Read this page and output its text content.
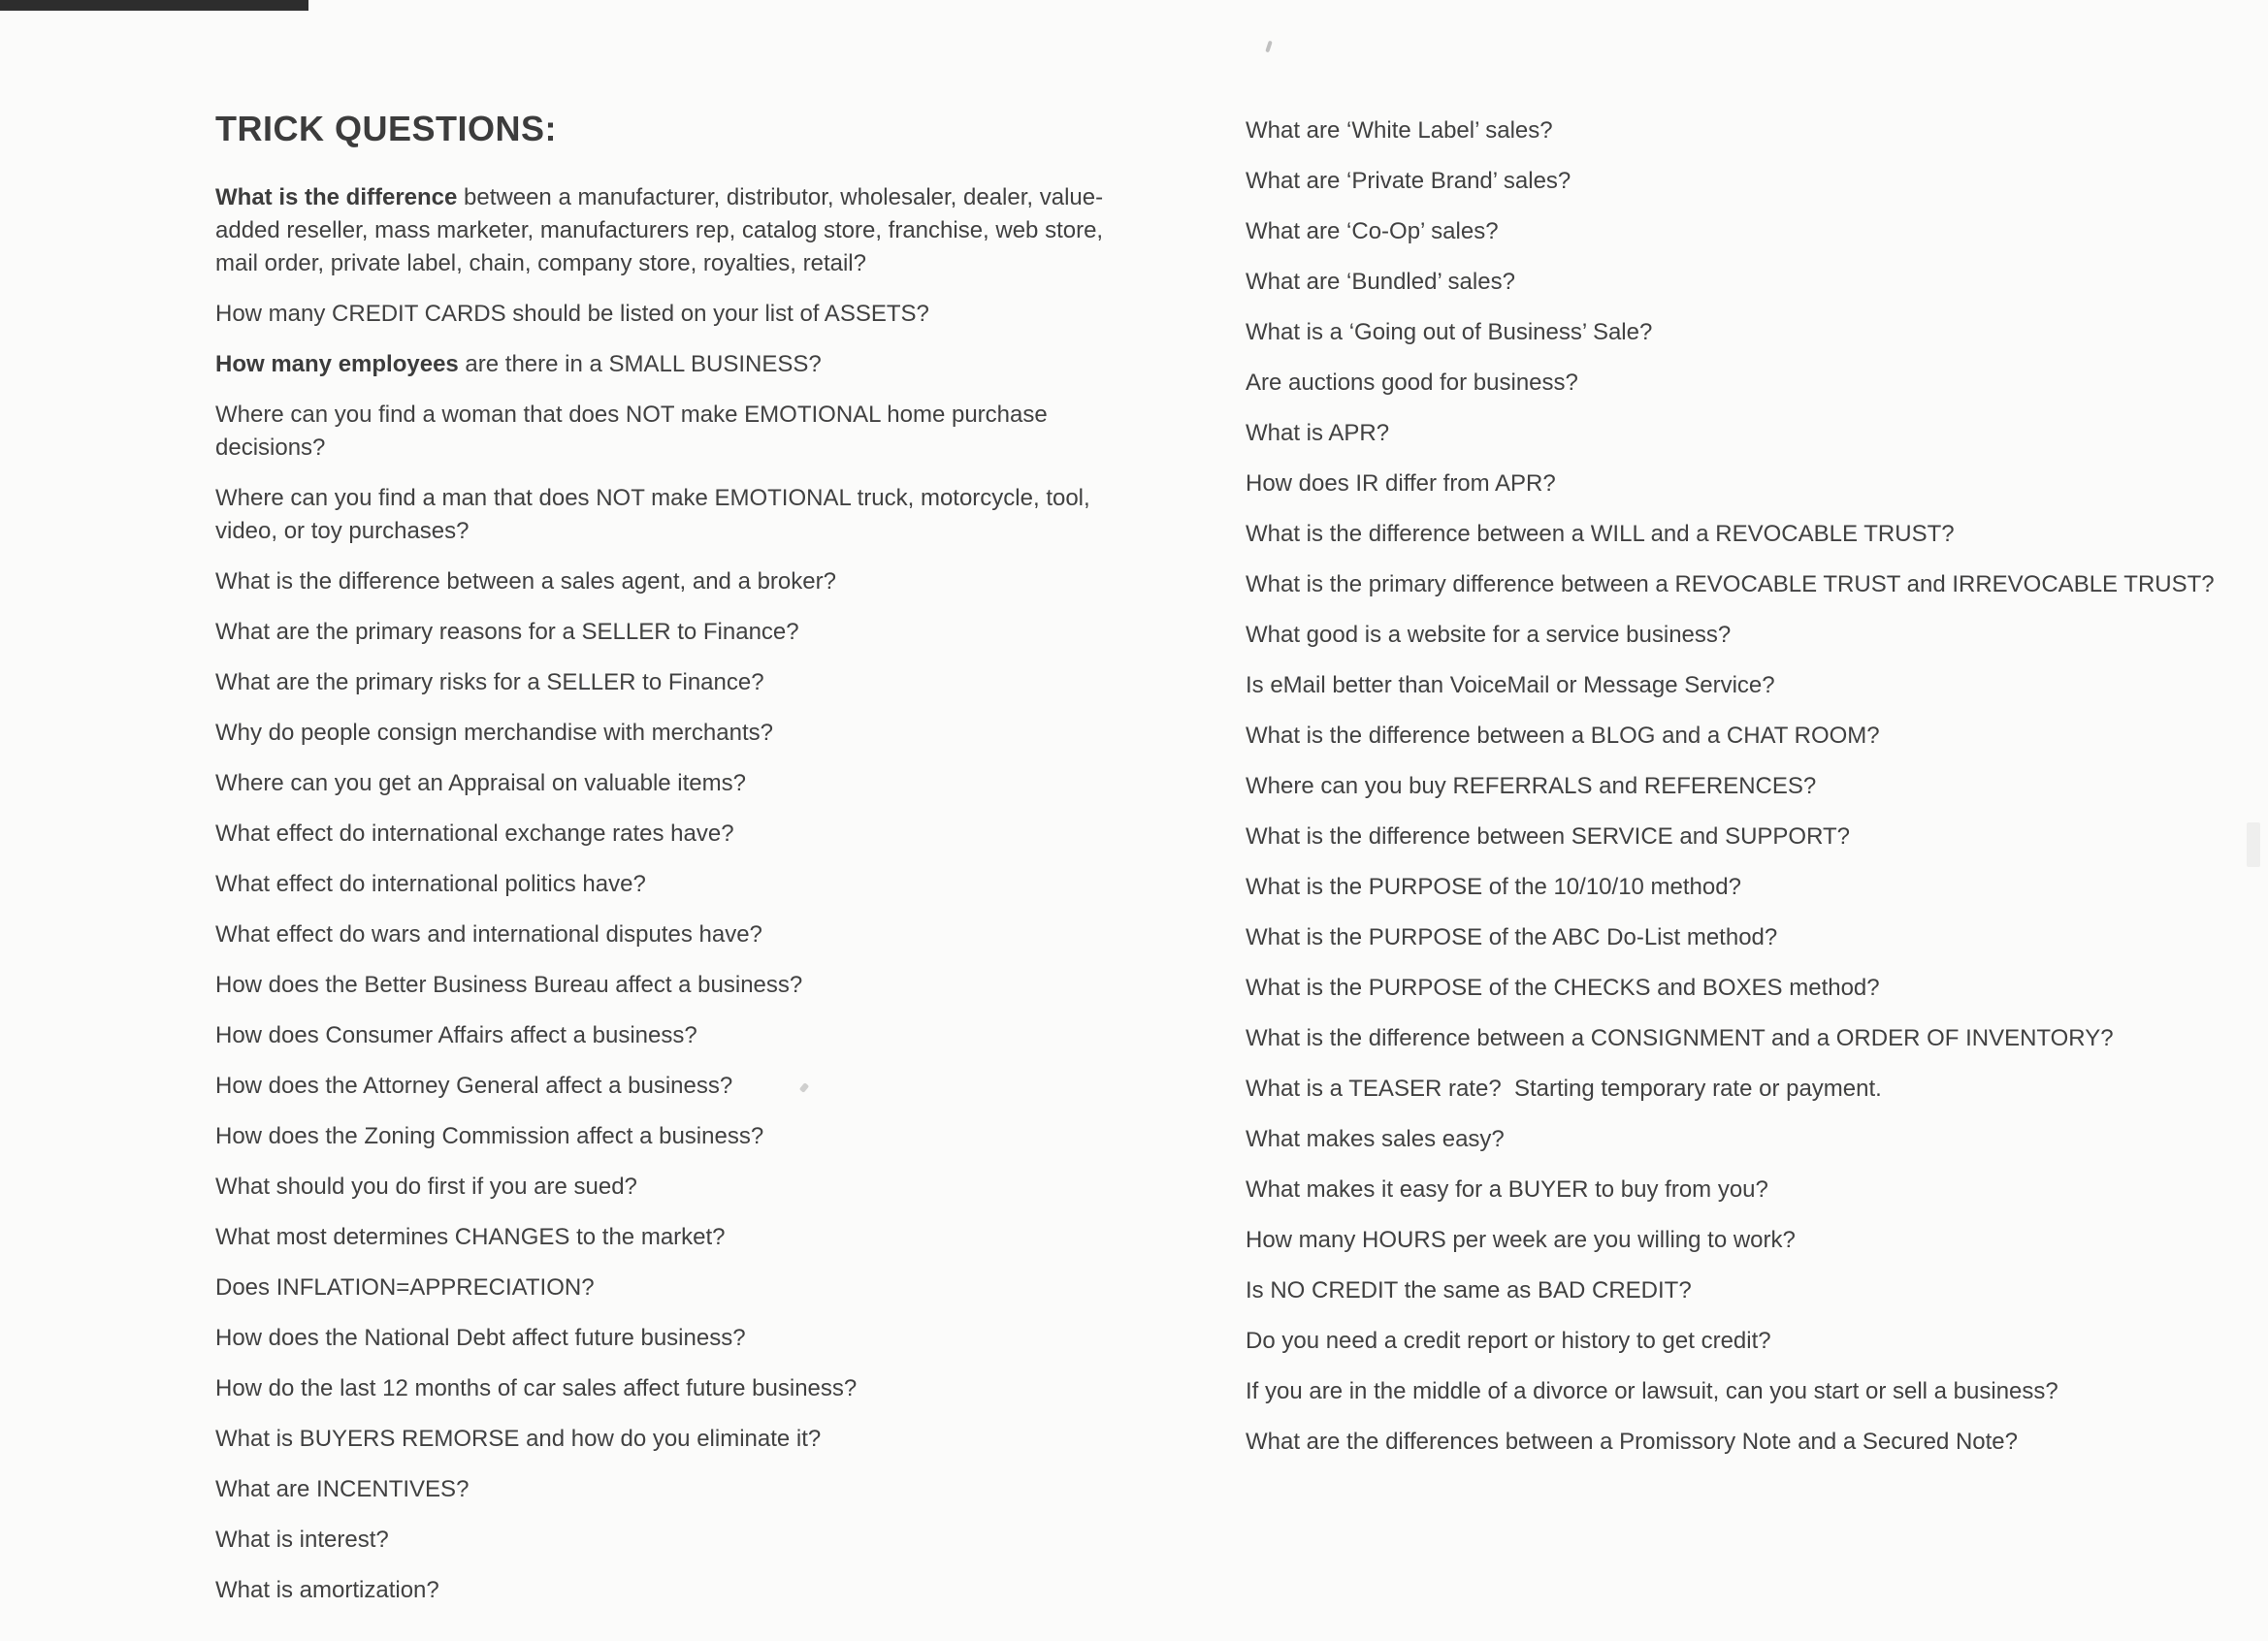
TRICK QUESTIONS:

What is the difference between a manufacturer, distributor, wholesaler, dealer, value-added reseller, mass marketer, manufacturers rep, catalog store, franchise, web store, mail order, private label, chain, company store, royalties, retail?

How many CREDIT CARDS should be listed on your list of ASSETS?

How many employees are there in a SMALL BUSINESS?

Where can you find a woman that does NOT make EMOTIONAL home purchase decisions?

Where can you find a man that does NOT make EMOTIONAL truck, motorcycle, tool, video, or toy purchases?

What is the difference between a sales agent, and a broker?

What are the primary reasons for a SELLER to Finance?

What are the primary risks for a SELLER to Finance?

Why do people consign merchandise with merchants?

Where can you get an Appraisal on valuable items?

What effect do international exchange rates have?

What effect do international politics have?

What effect do wars and international disputes have?

How does the Better Business Bureau affect a business?

How does Consumer Affairs affect a business?

How does the Attorney General affect a business?

How does the Zoning Commission affect a business?

What should you do first if you are sued?

What most determines CHANGES to the market?

Does INFLATION=APPRECIATION?

How does the National Debt affect future business?

How do the last 12 months of car sales affect future business?

What is BUYERS REMORSE and how do you eliminate it?

What are INCENTIVES?

What is interest?

What is amortization?

What are ‘White Label’ sales?

What are ‘Private Brand’ sales?

What are ‘Co-Op’ sales?

What are ‘Bundled’ sales?

What is a ‘Going out of Business’ Sale?

Are auctions good for business?

What is APR?

How does IR differ from APR?

What is the difference between a WILL and a REVOCABLE TRUST?

What is the primary difference between a REVOCABLE TRUST and IRREVOCABLE TRUST?

What good is a website for a service business?

Is eMail better than VoiceMail or Message Service?

What is the difference between a BLOG and a CHAT ROOM?

Where can you buy REFERRALS and REFERENCES?

What is the difference between SERVICE and SUPPORT?

What is the PURPOSE of the 10/10/10 method?

What is the PURPOSE of the ABC Do-List method?

What is the PURPOSE of the CHECKS and BOXES method?

What is the difference between a CONSIGNMENT and a ORDER OF INVENTORY?

What is a TEASER rate?  Starting temporary rate or payment.

What makes sales easy?

What makes it easy for a BUYER to buy from you?

How many HOURS per week are you willing to work?

Is NO CREDIT the same as BAD CREDIT?

Do you need a credit report or history to get credit?

If you are in the middle of a divorce or lawsuit, can you start or sell a business?

What are the differences between a Promissory Note and a Secured Note?
